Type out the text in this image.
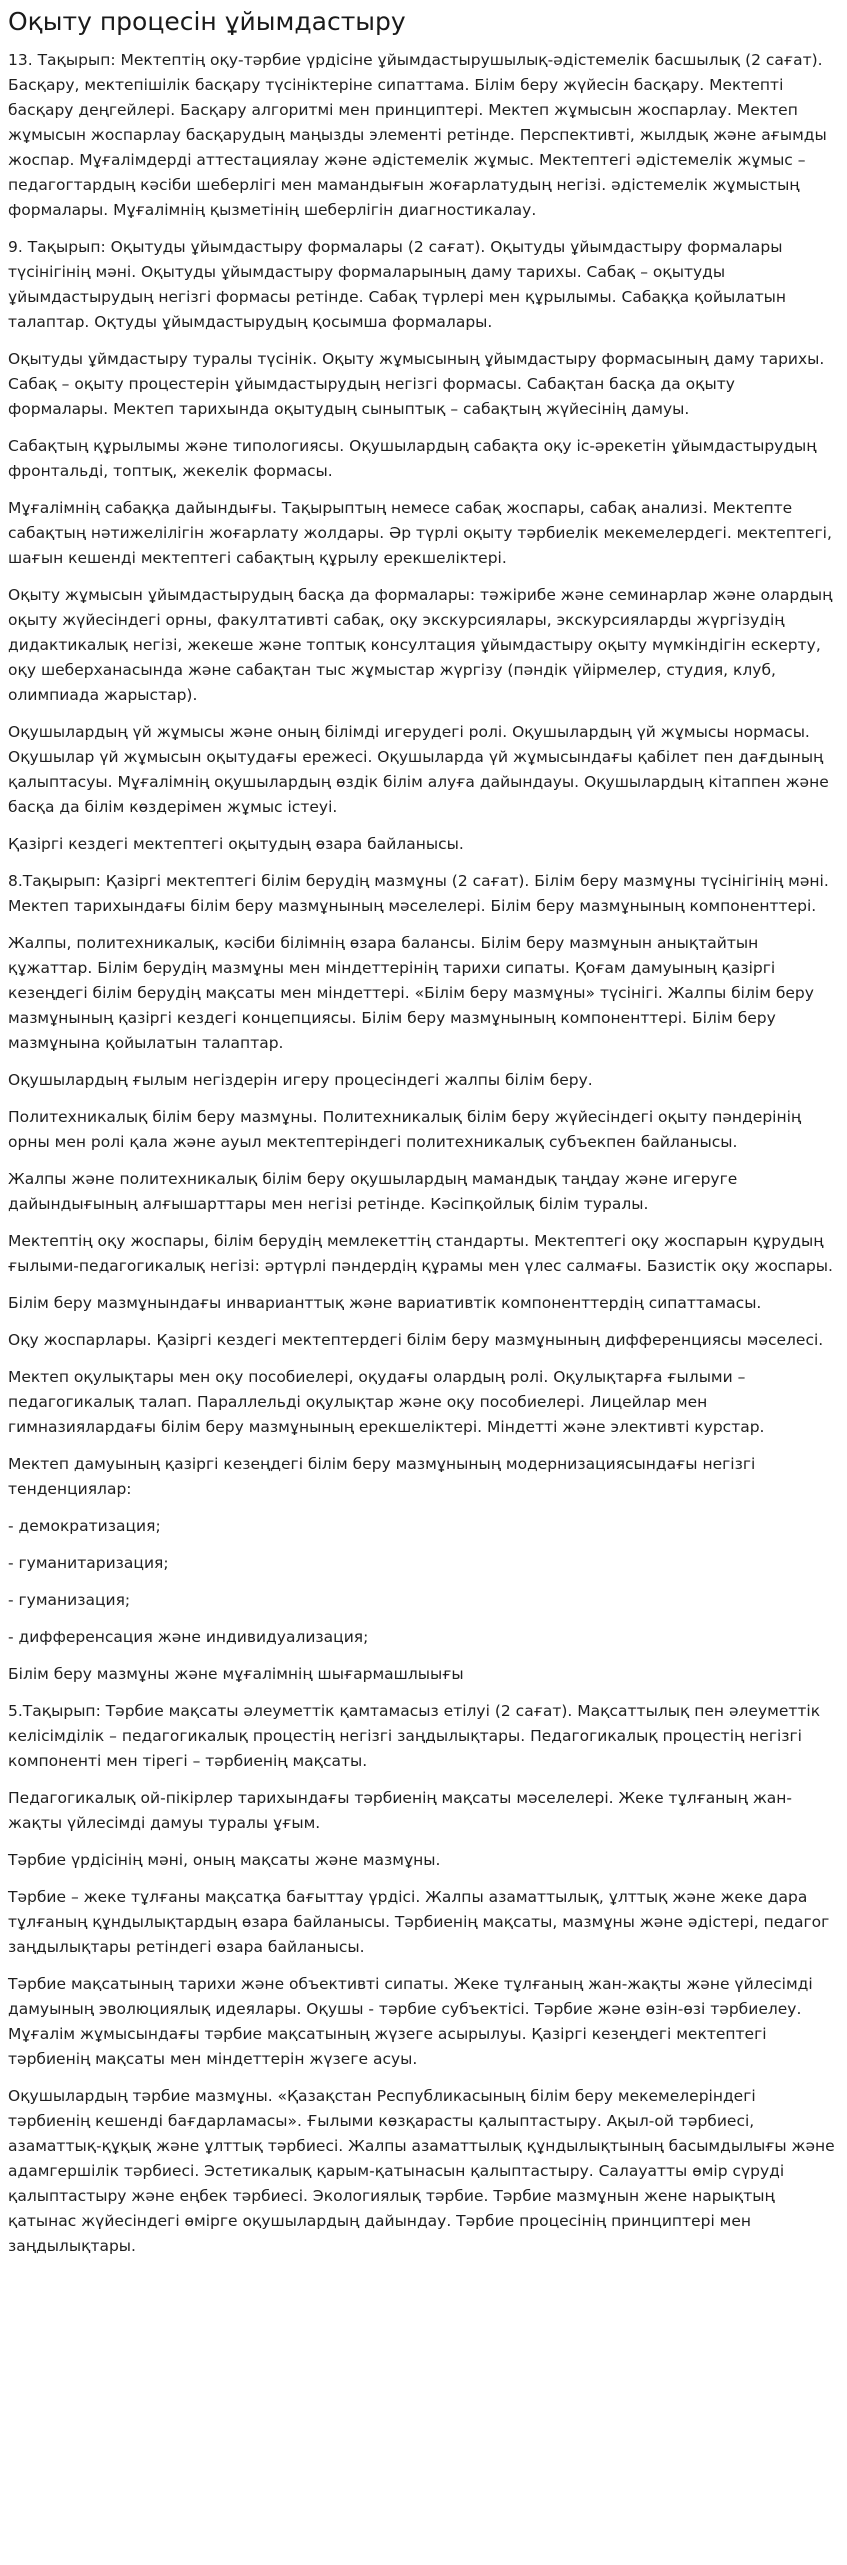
Оқыту процесін ұйымдастыру

13. Тақырып: Мектептің оқу-тәрбие үрдісіне ұйымдастырушылық-әдістемелік басшылық (2 сағат). Басқару, мектепішілік басқару түсініктеріне сипаттама. Білім беру жүйесін басқару. Мектепті басқару деңгейлері. Басқару алгоритмі мен принциптері. Мектеп жұмысын жоспарлау. Мектеп жұмысын жоспарлау басқарудың маңызды элементі ретінде. Перспективті, жылдық және ағымды жоспар. Мұғалімдерді аттестациялау және әдістемелік жұмыс. Мектептегі әдістемелік жұмыс – педагогтардың кәсіби шеберлігі мен мамандығын жоғарлатудың негізі. әдістемелік жұмыстың формалары. Мұғалімнің қызметінің шеберлігін диагностикалау.

9. Тақырып: Оқытуды ұйымдастыру формалары (2 сағат). Оқытуды ұйымдастыру формалары түсінігінің мәні. Оқытуды ұйымдастыру формаларының даму тарихы. Сабақ – оқытуды ұйымдастырудың негізгі формасы ретінде. Сабақ түрлері мен құрылымы. Сабаққа қойылатын талаптар. Оқтуды ұйымдастырудың қосымша формалары.

Оқытуды ұймдастыру туралы түсінік. Оқыту жұмысының ұйымдастыру формасының даму тарихы. Сабақ – оқыту процестерін ұйымдастырудың негізгі формасы. Сабақтан басқа да оқыту формалары. Мектеп тарихында оқытудың сыныптық – сабақтың жүйесінің дамуы.

Сабақтың құрылымы және типологиясы. Оқушылардың сабақта оқу іс-әрекетін ұйымдастырудың фронтальді, топтық, жекелік формасы.

Мұғалімнің сабаққа дайындығы. Тақырыптың немесе сабақ жоспары, сабақ анализі. Мектепте сабақтың нәтижелілігін жоғарлату жолдары. Әр түрлі оқыту тәрбиелік мекемелердегі. мектептегі, шағын кешендi мектептегі сабақтың құрылу ерекшеліктері.

Оқыту жұмысын ұйымдастырудың басқа да формалары: тәжірибе және семинарлар және олардың оқыту жүйесіндегі орны, факултативті сабақ, оқу экскурсиялары, экскурсияларды жүргізудің дидактикалық негізі, жекеше және топтық консултация ұйымдастыру оқыту мүмкіндігін ескерту, оқу шеберханасында және сабақтан тыс жұмыстар жүргізу (пәндік үйірмелер, студия, клуб, олимпиада жарыстар).

Оқушылардың үй жұмысы және оның білімді игерудегі ролі. Оқушылардың үй жұмысы нормасы. Оқушылар үй жұмысын оқытудағы ережесі. Оқушыларда үй жұмысындағы қабілет пен дағдының қалыптасуы. Мұғалімнің оқушылардың өздік білім алуға дайындауы. Оқушылардың кітаппен және басқа да білім көздерімен жұмыс істеуі.

Қазіргі кездегі мектептегі оқытудың өзара байланысы.

8.Тақырып: Қазіргі мектептегі білім берудің мазмұны (2 сағат). Білім беру мазмұны түсінігінің мәні. Мектеп тарихындағы білім беру мазмұнының мәселелері. Білім беру мазмұнының компоненттері.

Жалпы, политехникалық, кәсіби білімнің өзара балансы. Білім беру мазмұнын анықтайтын құжаттар. Білім берудің мазмұны мен міндеттерінің тарихи сипаты. Қоғам дамуының қазіргі кезеңдегі білім берудің мақсаты мен міндеттері. «Білім беру мазмұны» түсінігі. Жалпы білім беру мазмұнының қазіргі кездегі концепциясы. Білім беру мазмұнының компоненттері. Білім беру мазмұнына қойылатын талаптар.

Оқушылардың ғылым негіздерін игеру процесіндегі жалпы білім беру.

Политехникалық білім беру мазмұны. Политехникалық білім беру жүйесіндегі оқыту пәндерінің орны мен ролі қала және ауыл мектептеріндегі политехникалық субъекпен байланысы.

Жалпы және политехникалық білім беру оқушылардың мамандық таңдау және игеруге дайындығының алғышарттары мен негізі ретінде. Кәсіпқойлық білім туралы.

Мектептің оқу жоспары, білім берудің мемлекеттің стандарты. Мектептегі оқу жоспарын құрудың ғылыми-педагогикалық негізі: әртүрлі пәндердің құрамы мен үлес салмағы. Базистік оқу жоспары.

Білім беру мазмұнындағы инварианттық және вариативтік компоненттердің сипаттамасы.

Оқу жоспарлары. Қазіргі кездегі мектептердегі білім беру мазмұнының дифференциясы мәселесі.

Мектеп оқулықтары мен оқу пособиелері, оқудағы олардың ролі. Оқулықтарға ғылыми – педагогикалық талап. Параллельді оқулықтар және оқу пособиелері. Лицейлар мен гимназиялардағы білім беру мазмұнының ерекшеліктері. Міндетті және элективті курстар.

Мектеп дамуының қазіргі кезеңдегі білім беру мазмұнының модернизациясындағы негізгі тенденциялар:

- демократизация;

- гуманитаризация;

- гуманизация;

- дифференсация және индивидуализация;

Білім беру мазмұны және мұғалімнің шығармашлыығы

5.Тақырып: Тәрбие мақсаты әлеуметтік қамтамасыз етілуі (2 сағат). Мақсаттылық пен әлеуметтік келісімділік – педагогикалық процестің негізгі заңдылықтары. Педагогикалық процестің негізгі компоненті мен тірегі – тәрбиенің мақсаты.

Педагогикалық ой-пікірлер тарихындағы тәрбиенің мақсаты мәселелері. Жеке тұлғаның жан-жақты үйлесімді дамуы туралы ұғым.

Тәрбие үрдісінің мәні, оның мақсаты және мазмұны.

Тәрбие – жеке тұлғаны мақсатқа бағыттау үрдісі. Жалпы азаматтылық, ұлттық және жеке дара тұлғаның құндылықтардың өзара байланысы. Тәрбиенің мақсаты, мазмұны және әдістері, педагог заңдылықтары ретіндегі өзара байланысы.

Тәрбие мақсатының тарихи және объективті сипаты. Жеке тұлғаның жан-жақты және үйлесімді дамуының эволюциялық идеялары. Оқушы - тәрбие субъектісі. Тәрбие және өзін-өзі тәрбиелеу. Мұғалім жұмысындағы тәрбие мақсатының жүзеге асырылуы. Қазіргі кезеңдегі мектептегі тәрбиенің мақсаты мен міндеттерін жүзеге асуы.

Оқушылардың тәрбие мазмұны. «Қазақстан Республикасының білім беру мекемелеріндегі тәрбиенің кешенді бағдарламасы». Ғылыми көзқарасты қалыптастыру. Ақыл-ой тәрбиесі, азаматтық-құқық және ұлттық тәрбиесі. Жалпы азаматтылық құндылықтының басымдылығы және адамгершілік тәрбиесі. Эстетикалық қарым-қатынасын қалыптастыру. Салауатты өмір сүруді қалыптастыру және еңбек тәрбиесі. Экологиялық тәрбие. Тәрбие мазмұнын жене нарықтың қатынас жүйесіндегі өмірге оқушылардың дайындау. Тәрбие процесінің принциптері мен заңдылықтары.
